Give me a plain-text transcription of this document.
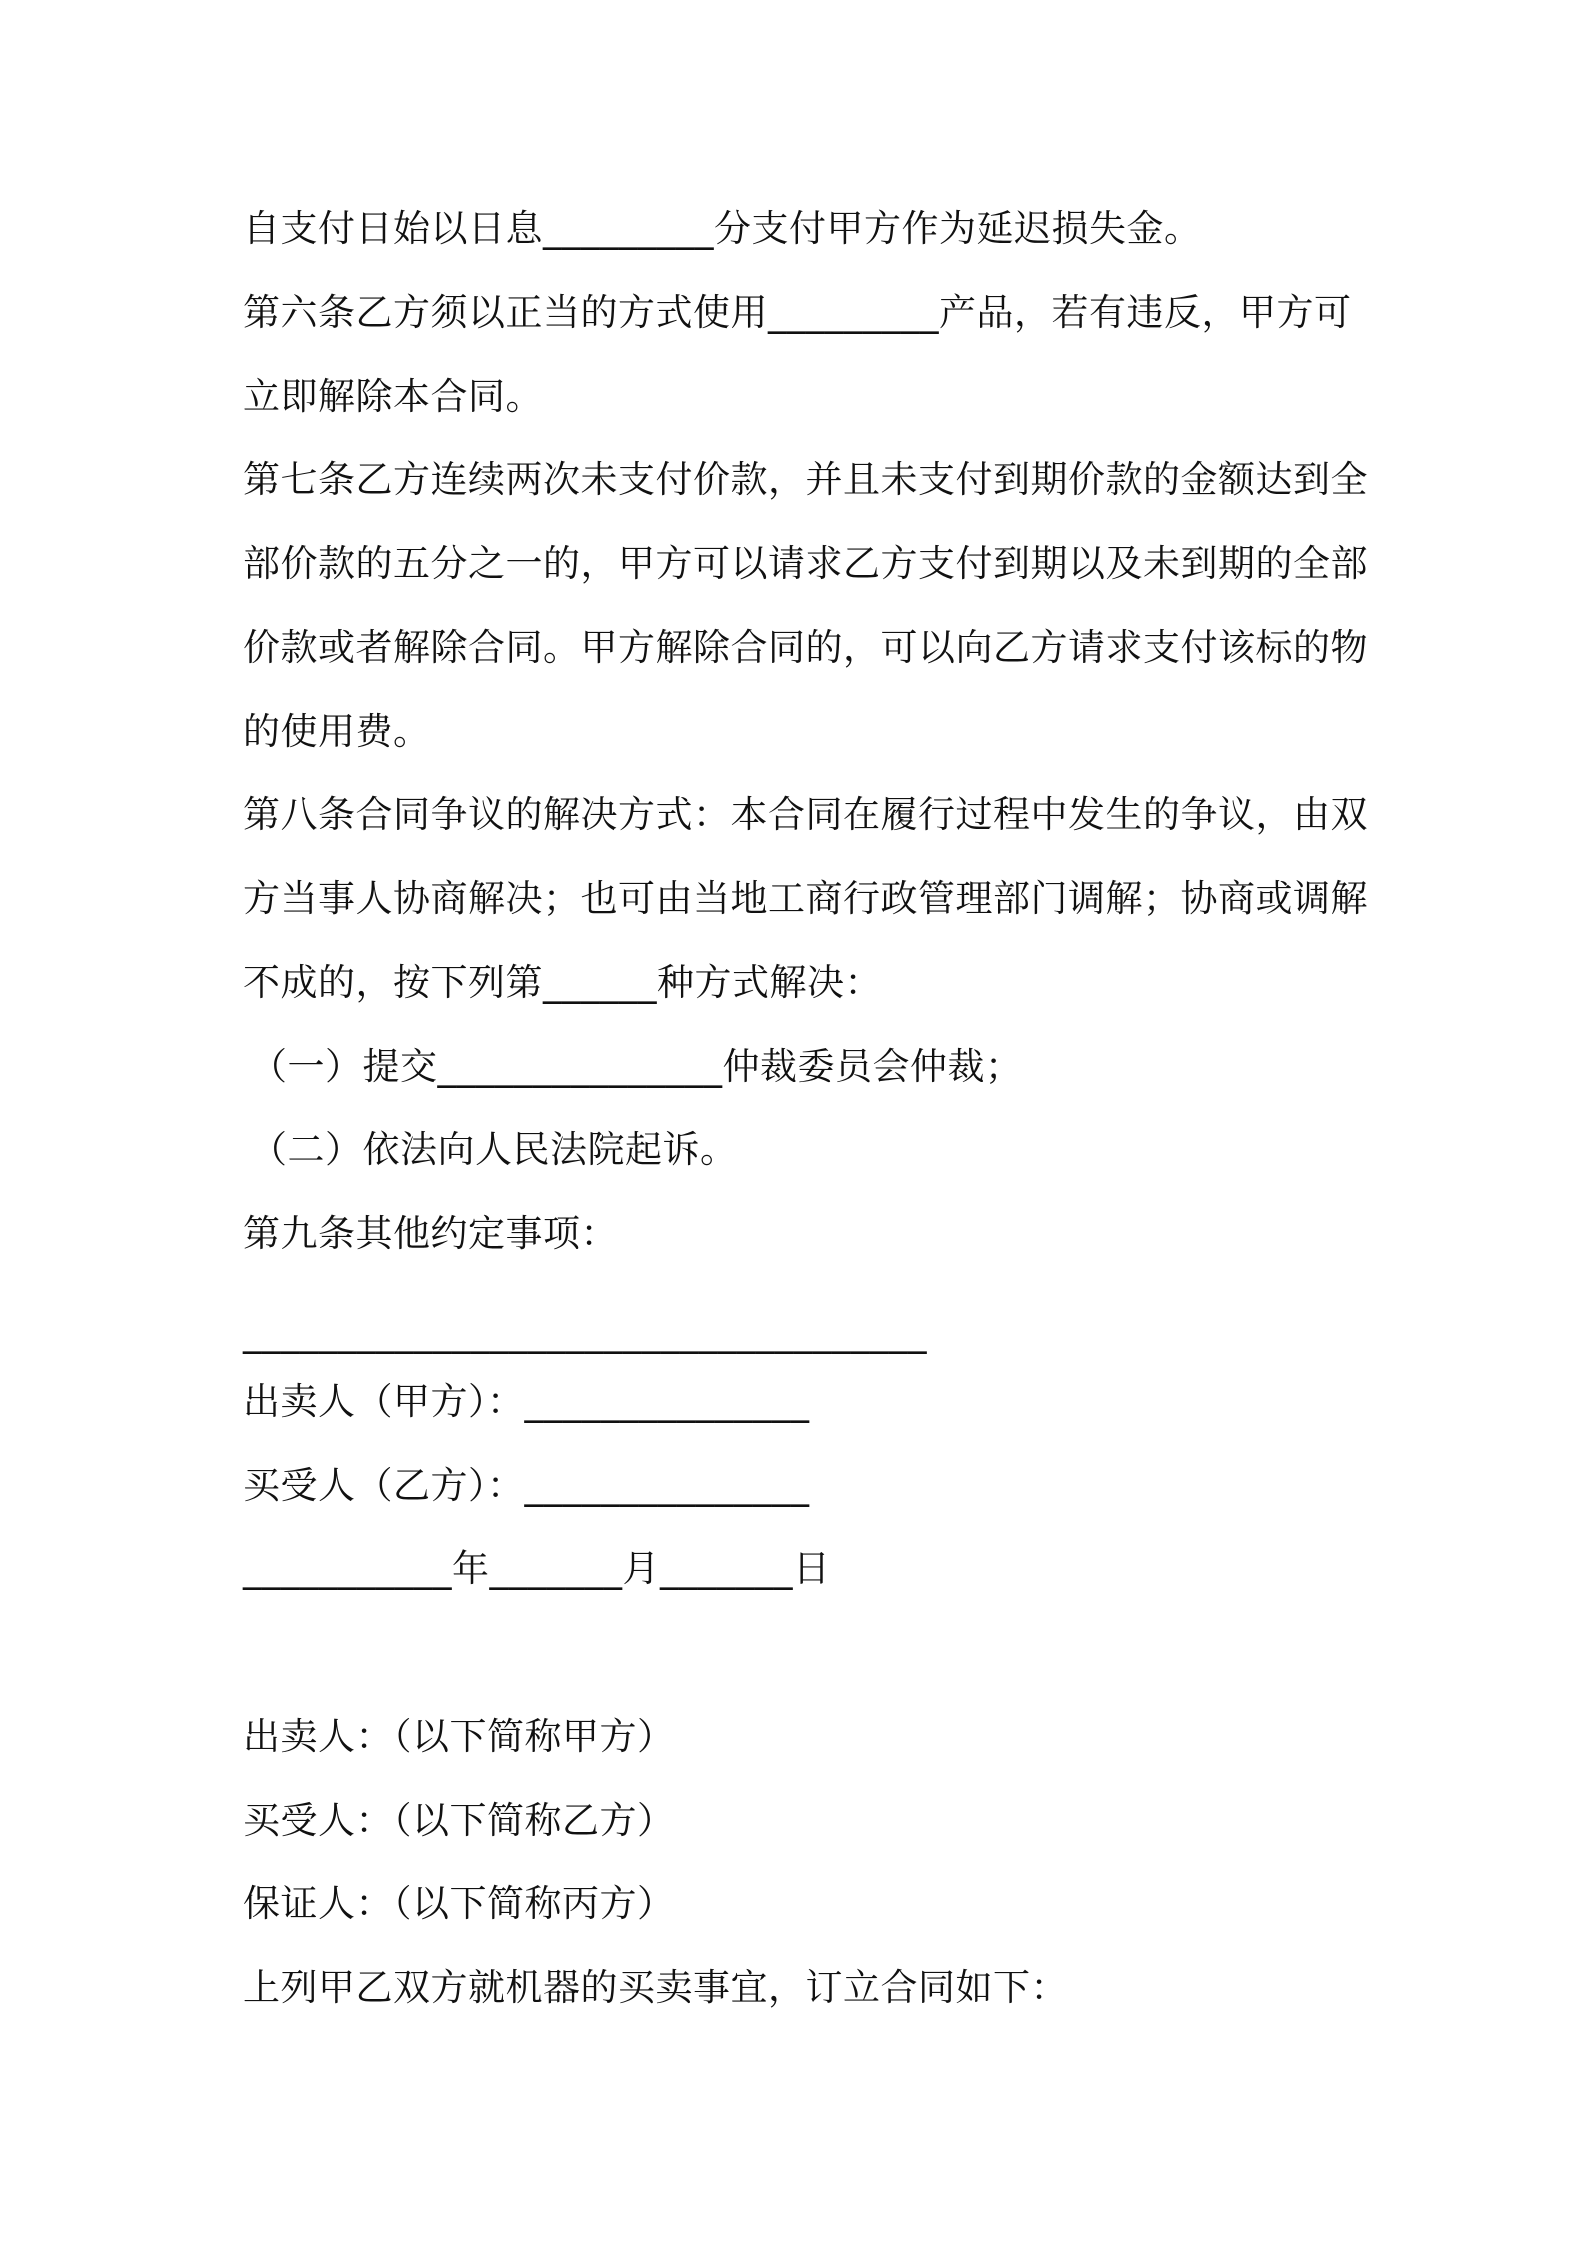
自支付日始以日息_________分支付甲方作为延迟损失金。
第六条乙方须以正当的方式使用_________产品，若有违反，甲方可
立即解除本合同。
第七条乙方连续两次未支付价款，并且未支付到期价款的金额达到全
部价款的五分之一的，甲方可以请求乙方支付到期以及未到期的全部
价款或者解除合同。甲方解除合同的，可以向乙方请求支付该标的物
的使用费。
第八条合同争议的解决方式：本合同在履行过程中发生的争议，由双
方当事人协商解决；也可由当地工商行政管理部门调解；协商或调解
不成的，按下列第______种方式解决：
（一）提交_______________仲裁委员会仲裁；
（二）依法向人民法院起诉。
第九条其他约定事项：
____________________________________
出卖人（甲方）：_______________
买受人（乙方）：_______________
___________年_______月_______日
出卖人：（以下简称甲方）
买受人：（以下简称乙方）
保证人：（以下简称丙方）
上列甲乙双方就机器的买卖事宜，订立合同如下：
